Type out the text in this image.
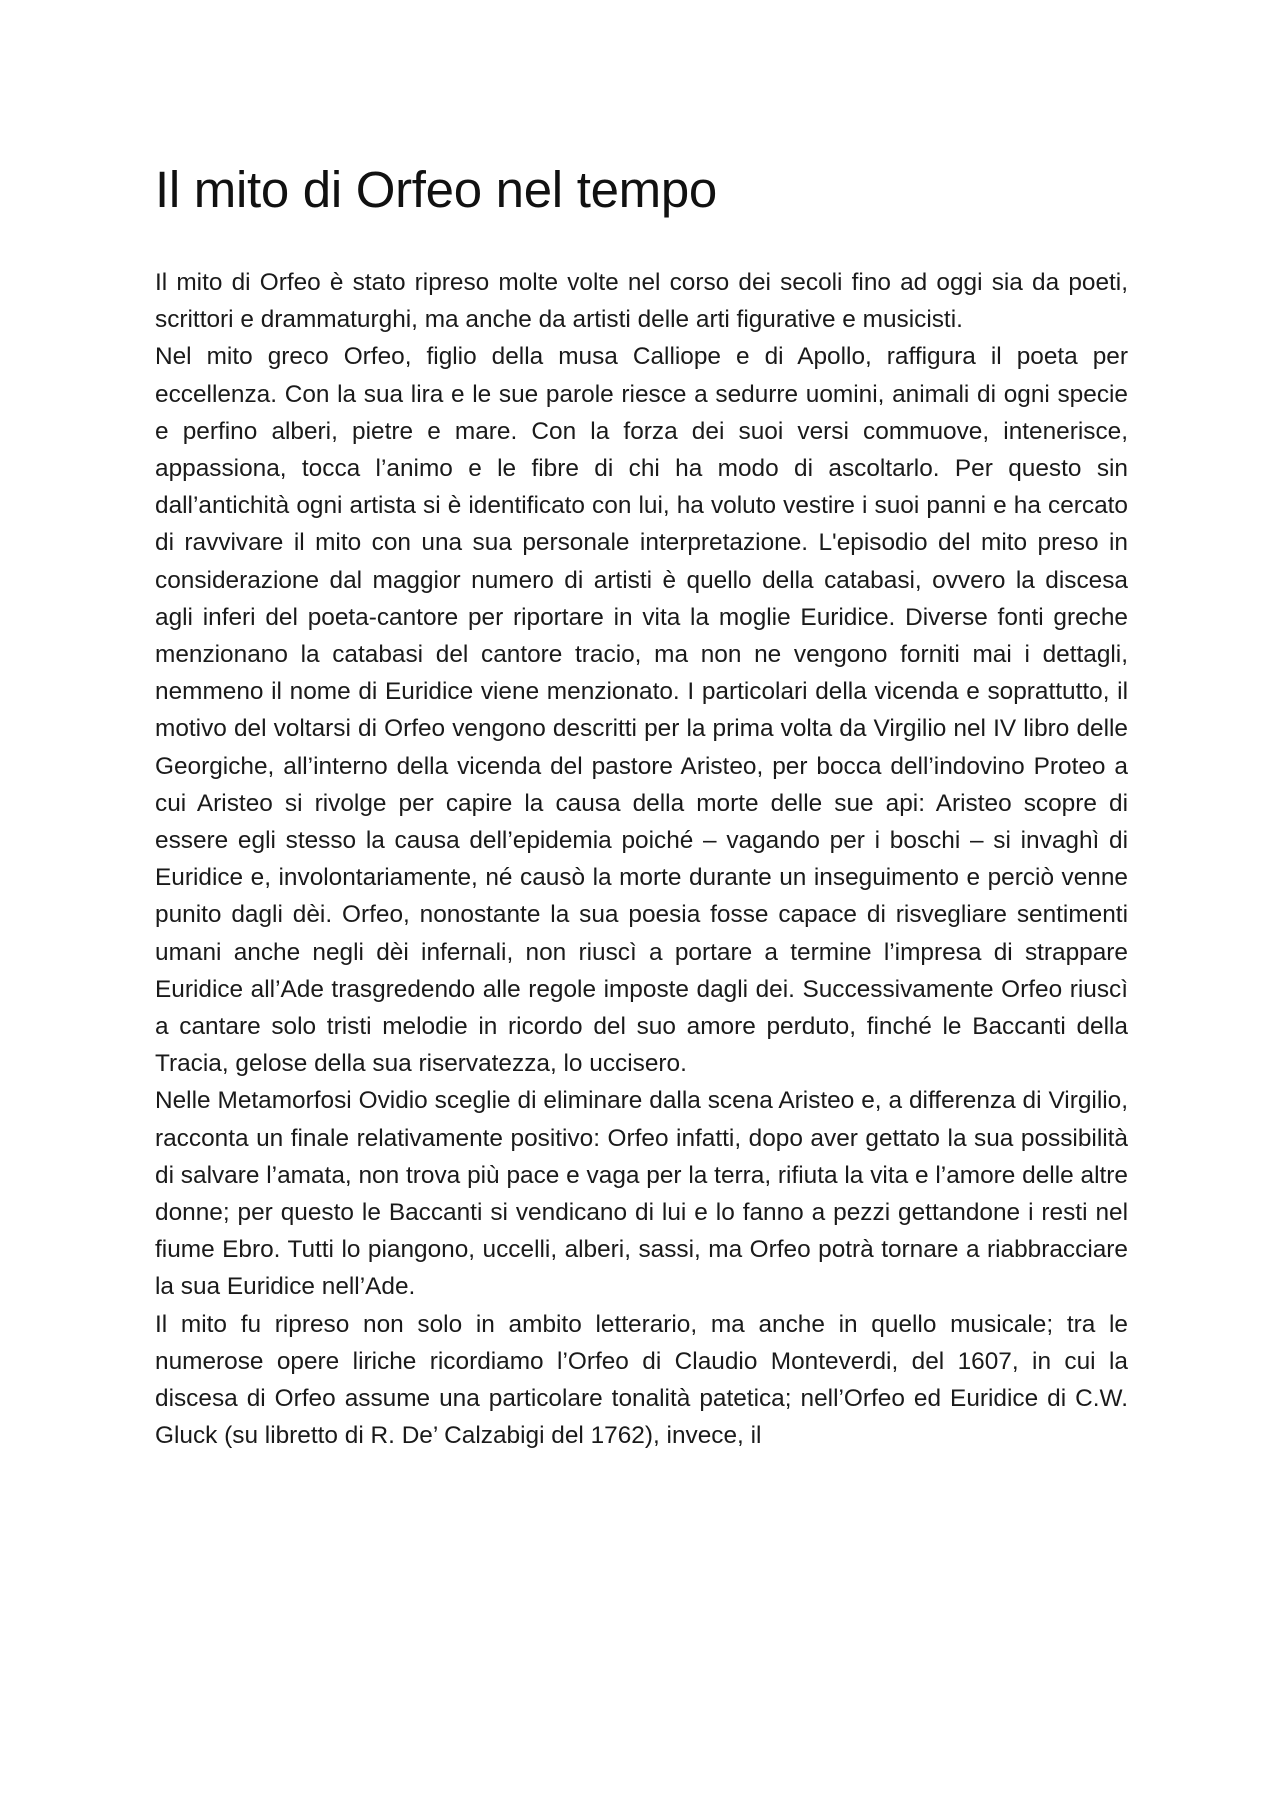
Il mito di Orfeo nel tempo

Il mito di Orfeo è stato ripreso molte volte nel corso dei secoli fino ad oggi sia da poeti, scrittori e drammaturghi, ma anche da artisti delle arti figurative e musicisti.

Nel mito greco Orfeo, figlio della musa Calliope e di Apollo, raffigura il poeta per eccellenza. Con la sua lira e le sue parole riesce a sedurre uomini, animali di ogni specie e perfino alberi, pietre e mare. Con la forza dei suoi versi commuove, intenerisce, appassiona, tocca l’animo e le fibre di chi ha modo di ascoltarlo. Per questo sin dall’antichità ogni artista si è identificato con lui, ha voluto vestire i suoi panni e ha cercato di ravvivare il mito con una sua personale interpretazione. L'episodio del mito preso in considerazione dal maggior numero di artisti è quello della catabasi, ovvero la discesa agli inferi del poeta-cantore per riportare in vita la moglie Euridice. Diverse fonti greche menzionano la catabasi del cantore tracio, ma non ne vengono forniti mai i dettagli, nemmeno il nome di Euridice viene menzionato. I particolari della vicenda e soprattutto, il motivo del voltarsi di Orfeo vengono descritti per la prima volta da Virgilio nel IV libro delle Georgiche, all’interno della vicenda del pastore Aristeo, per bocca dell’indovino Proteo a cui Aristeo si rivolge per capire la causa della morte delle sue api: Aristeo scopre di essere egli stesso la causa dell’epidemia poiché – vagando per i boschi – si invaghì di Euridice e, involontariamente, né causò la morte durante un inseguimento e perciò venne punito dagli dèi. Orfeo, nonostante la sua poesia fosse capace di risvegliare sentimenti umani anche negli dèi infernali, non riuscì a portare a termine l’impresa di strappare Euridice all’Ade trasgredendo alle regole imposte dagli dei. Successivamente Orfeo riuscì a cantare solo tristi melodie in ricordo del suo amore perduto, finché le Baccanti della Tracia, gelose della sua riservatezza, lo uccisero.

Nelle Metamorfosi Ovidio sceglie di eliminare dalla scena Aristeo e, a differenza di Virgilio, racconta un finale relativamente positivo: Orfeo infatti, dopo aver gettato la sua possibilità di salvare l’amata, non trova più pace e vaga per la terra, rifiuta la vita e l’amore delle altre donne; per questo le Baccanti si vendicano di lui e lo fanno a pezzi gettandone i resti nel fiume Ebro. Tutti lo piangono, uccelli, alberi, sassi, ma Orfeo potrà tornare a riabbracciare la sua Euridice nell’Ade.

Il mito fu ripreso non solo in ambito letterario, ma anche in quello musicale; tra le numerose opere liriche ricordiamo l’Orfeo di Claudio Monteverdi, del 1607, in cui la discesa di Orfeo assume una particolare tonalità patetica; nell’Orfeo ed Euridice di C.W. Gluck (su libretto di R. De’ Calzabigi del 1762), invece, il
